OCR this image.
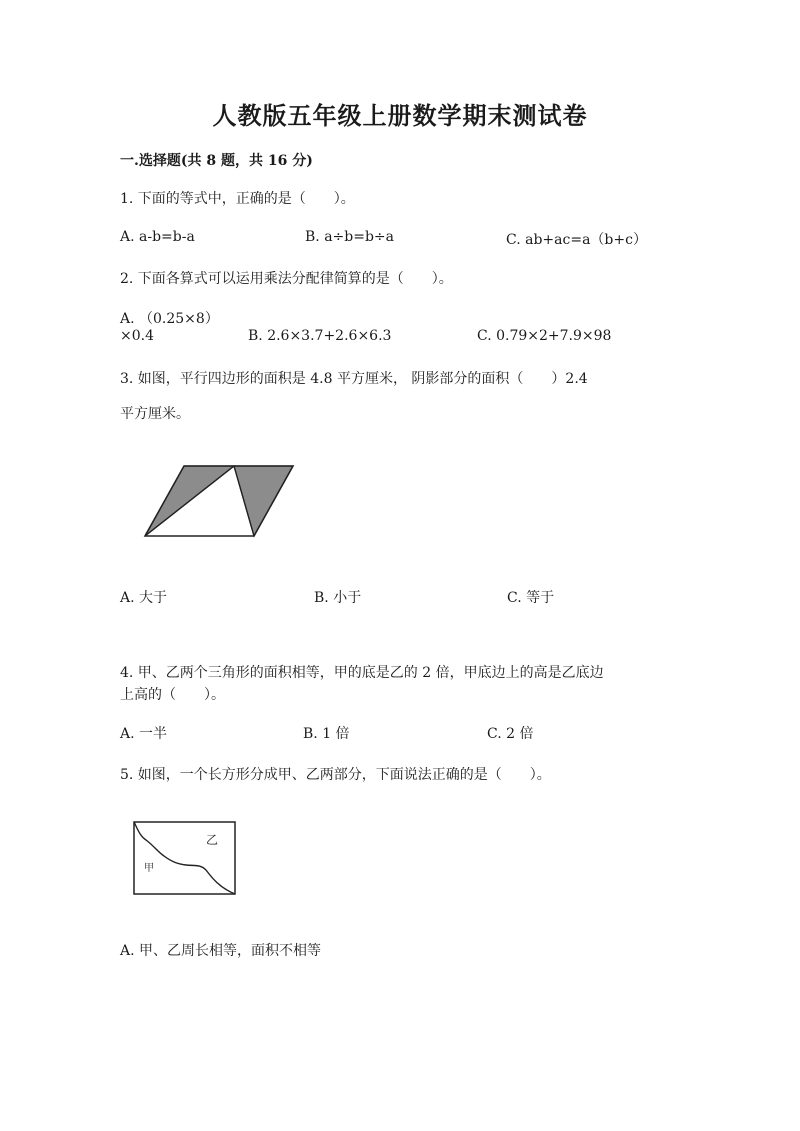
人教版五年级上册数学期末测试卷
一.选择题(共 8 题，共 16 分)
1. 下面的等式中，正确的是（　　）。
A. a-b=b-a	B. a÷b=b÷a	C. ab+ac=a（b+c）
2. 下面各算式可以运用乘法分配律简算的是（　　）。
A. （0.25×8）
×0.4	B. 2.6×3.7+2.6×6.3	C. 0.79×2+7.9×98
3. 如图，平行四边形的面积是 4.8 平方厘米， 阴影部分的面积（　　）2.4
平方厘米。
A. 大于	B. 小于	C. 等于
4. 甲、乙两个三角形的面积相等，甲的底是乙的 2 倍，甲底边上的高是乙底边
上高的（　　）。
A. 一半	B. 1 倍	C. 2 倍
5. 如图，一个长方形分成甲、乙两部分，下面说法正确的是（　　）。
乙
甲
A. 甲、乙周长相等，面积不相等
